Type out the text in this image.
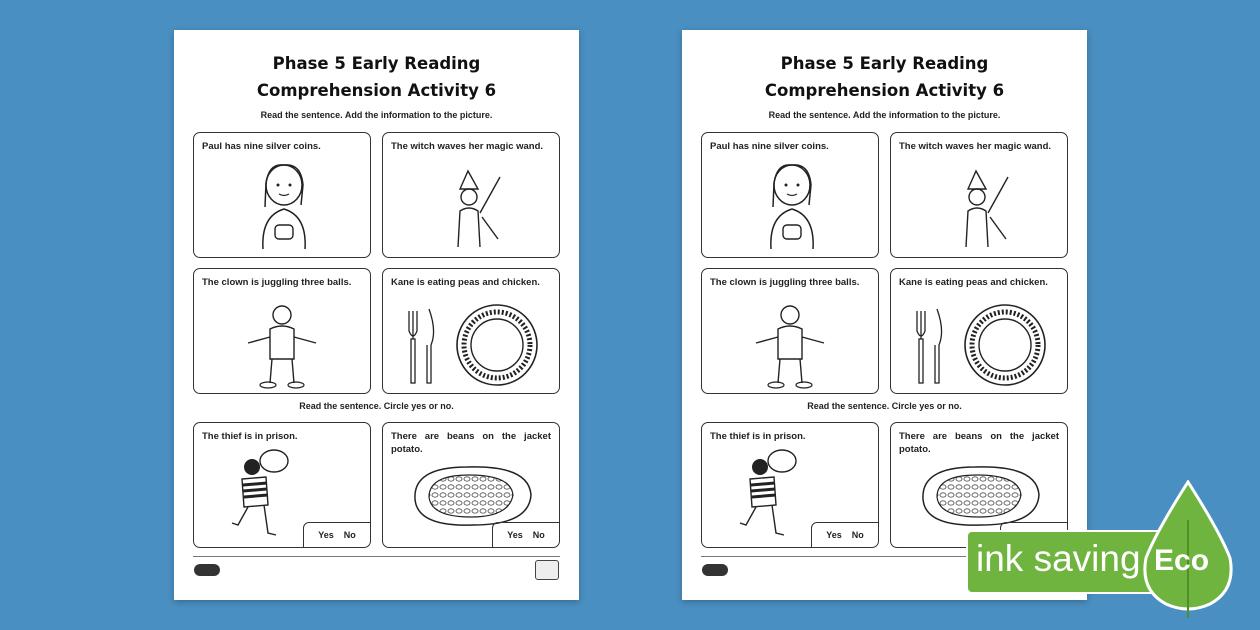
Phase 5 Early Reading
Comprehension Activity 6
Read the sentence. Add the information to the picture.
Paul has nine silver coins.	The witch waves her magic wand.
The clown is juggling three balls.	Kane is eating peas and chicken.
Read the sentence. Circle yes or no.
The thief is in prison.
Yes No
There are beans on the jacket potato.
Yes No
Phase 5 Early Reading
Comprehension Activity 6
Read the sentence. Add the information to the picture.
Paul has nine silver coins.	The witch waves her magic wand.
The clown is juggling three balls.	Kane is eating peas and chicken.
Read the sentence. Circle yes or no.
The thief is in prison.
Yes No
There are beans on the jacket potato.
ink saving Eco
